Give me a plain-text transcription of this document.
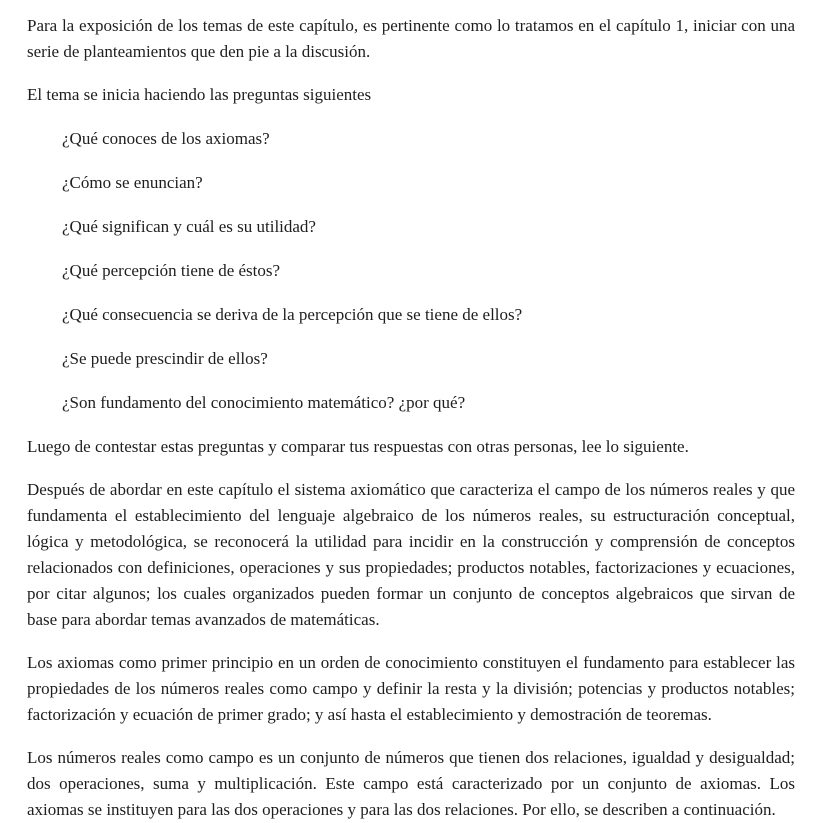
Para la exposición de los temas de este capítulo, es pertinente como lo tratamos en el capítulo 1, iniciar con una serie de planteamientos que den pie a la discusión.
El tema se inicia haciendo las preguntas siguientes
¿Qué conoces de los axiomas?
¿Cómo se enuncian?
¿Qué significan y cuál es su utilidad?
¿Qué percepción tiene de éstos?
¿Qué consecuencia se deriva de la percepción que se tiene de ellos?
¿Se puede prescindir de ellos?
¿Son fundamento del conocimiento matemático? ¿por qué?
Luego de contestar estas preguntas y comparar tus respuestas con otras personas, lee lo siguiente.
Después de abordar en este capítulo el sistema axiomático que caracteriza el campo de los números reales y que fundamenta el establecimiento del lenguaje algebraico de los números reales, su estructuración conceptual, lógica y metodológica, se reconocerá la utilidad para incidir en la construcción y comprensión de conceptos relacionados con definiciones, operaciones y sus propiedades; productos notables, factorizaciones y ecuaciones, por citar algunos; los cuales organizados pueden formar un conjunto de conceptos algebraicos que sirvan de base para abordar temas avanzados de matemáticas.
Los axiomas como primer principio en un orden de conocimiento constituyen el fundamento para establecer las propiedades de los números reales como campo y definir la resta y la división; potencias y productos notables; factorización y ecuación de primer grado; y así hasta el establecimiento y demostración de teoremas.
Los números reales como campo es un conjunto de números que tienen dos relaciones, igualdad y desigualdad; dos operaciones, suma y multiplicación. Este campo está caracterizado por un conjunto de axiomas. Los axiomas se instituyen para las dos operaciones y para las dos relaciones. Por ello, se describen a continuación.
